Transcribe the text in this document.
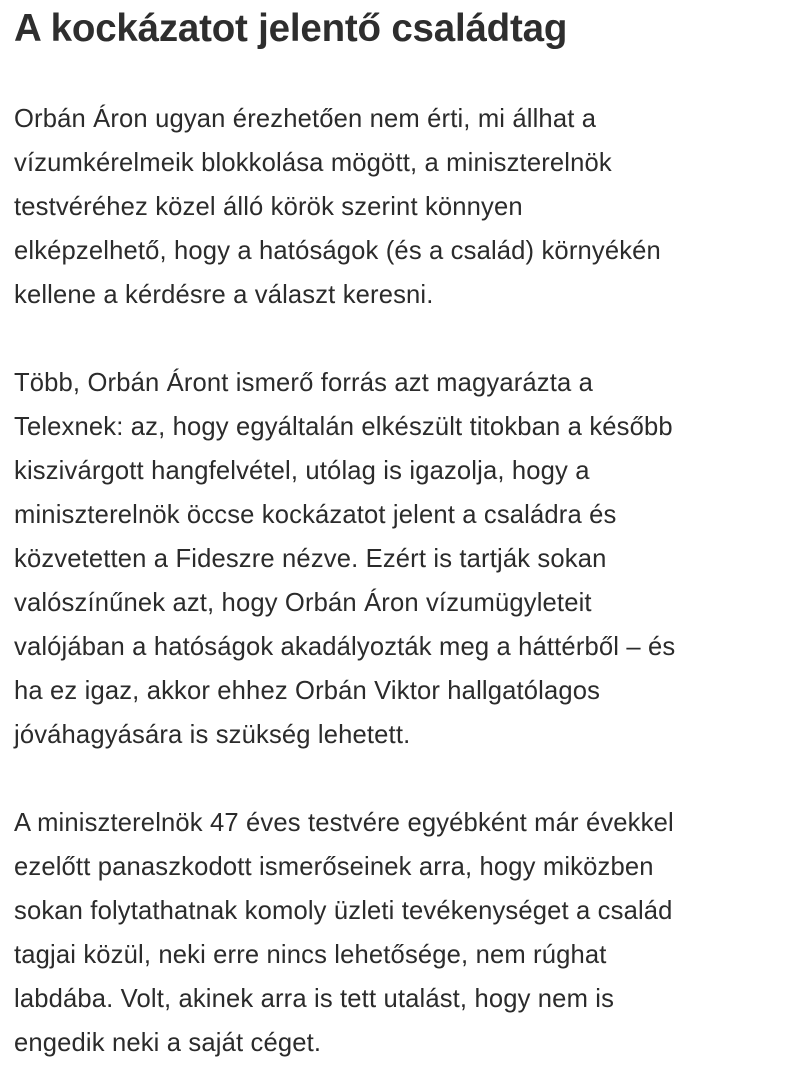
A kockázatot jelentő családtag

Orbán Áron ugyan érezhetően nem érti, mi állhat a
vízumkérelmeik blokkolása mögött, a miniszterelnök
testvéréhez közel álló körök szerint könnyen
elképzelhető, hogy a hatóságok (és a család) környékén
kellene a kérdésre a választ keresni.

Több, Orbán Áront ismerő forrás azt magyarázta a
Telexnek: az, hogy egyáltalán elkészült titokban a később
kiszivárgott hangfelvétel, utólag is igazolja, hogy a
miniszterelnök öccse kockázatot jelent a családra és
közvetetten a Fideszre nézve. Ezért is tartják sokan
valószínűnek azt, hogy Orbán Áron vízumügyleteit
valójában a hatóságok akadályozták meg a háttérből – és
ha ez igaz, akkor ehhez Orbán Viktor hallgatólagos
jóváhagyására is szükség lehetett.

A miniszterelnök 47 éves testvére egyébként már évekkel
ezelőtt panaszkodott ismerőseinek arra, hogy miközben
sokan folytathatnak komoly üzleti tevékenységet a család
tagjai közül, neki erre nincs lehetősége, nem rúghat
labdába. Volt, akinek arra is tett utalást, hogy nem is
engedik neki a saját céget.
